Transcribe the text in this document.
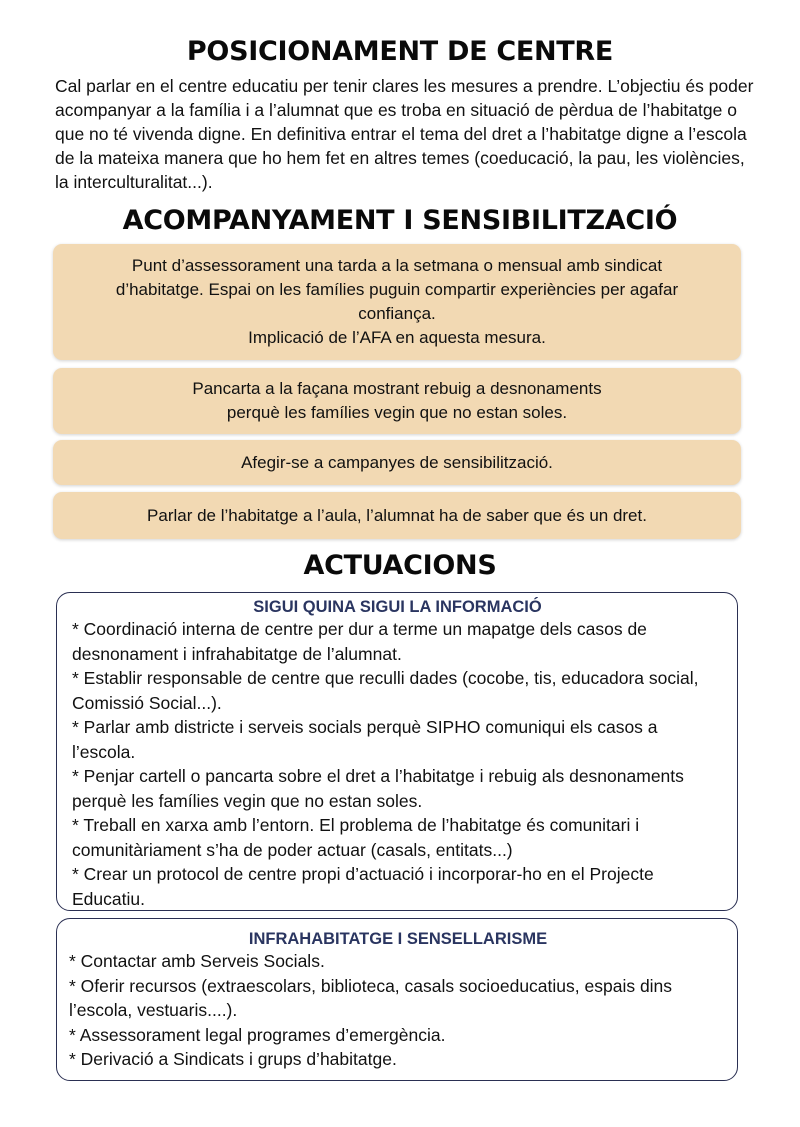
POSICIONAMENT DE CENTRE

Cal parlar en el centre educatiu per tenir clares les mesures a prendre. L’objectiu és poder acompanyar a la família i a l’alumnat que es troba en situació de pèrdua de l’habitatge o que no té vivenda digne. En definitiva entrar el tema del dret a l’habitatge digne a l’escola de la mateixa manera que ho hem fet en altres temes (coeducació, la pau, les violències, la interculturalitat...).

ACOMPANYAMENT I SENSIBILITZACIÓ
Punt d’assessorament una tarda a la setmana o mensual amb sindicat d’habitatge. Espai on les famílies puguin compartir experiències per agafar confiança.
Implicació de l’AFA en aquesta mesura.
Pancarta a la façana mostrant rebuig a desnonaments
perquè les famílies vegin que no estan soles.
Afegir-se a campanyes de sensibilització.
Parlar de l’habitatge a l’aula, l’alumnat ha de saber que és un dret.
ACTUACIONS

SIGUI QUINA SIGUI LA INFORMACIÓ

* Coordinació interna de centre per dur a terme un mapatge dels casos de desnonament i infrahabitatge de l’alumnat.
* Establir responsable de centre que reculli dades (cocobe, tis, educadora social, Comissió Social...).
* Parlar amb districte i serveis socials perquè SIPHO comuniqui els casos a l’escola.
* Penjar cartell o pancarta sobre el dret a l’habitatge i rebuig als desnonaments perquè les famílies vegin que no estan soles.
* Treball en xarxa amb l’entorn. El problema de l’habitatge és comunitari i comunitàriament s’ha de poder actuar (casals, entitats...)
* Crear un protocol de centre propi d’actuació i incorporar-ho en el Projecte Educatiu.

INFRAHABITATGE I SENSELLARISME

* Contactar amb Serveis Socials.
* Oferir recursos (extraescolars, biblioteca, casals socioeducatius, espais dins l’escola, vestuaris....).
* Assessorament legal programes d’emergència.
* Derivació a Sindicats i grups d’habitatge.
